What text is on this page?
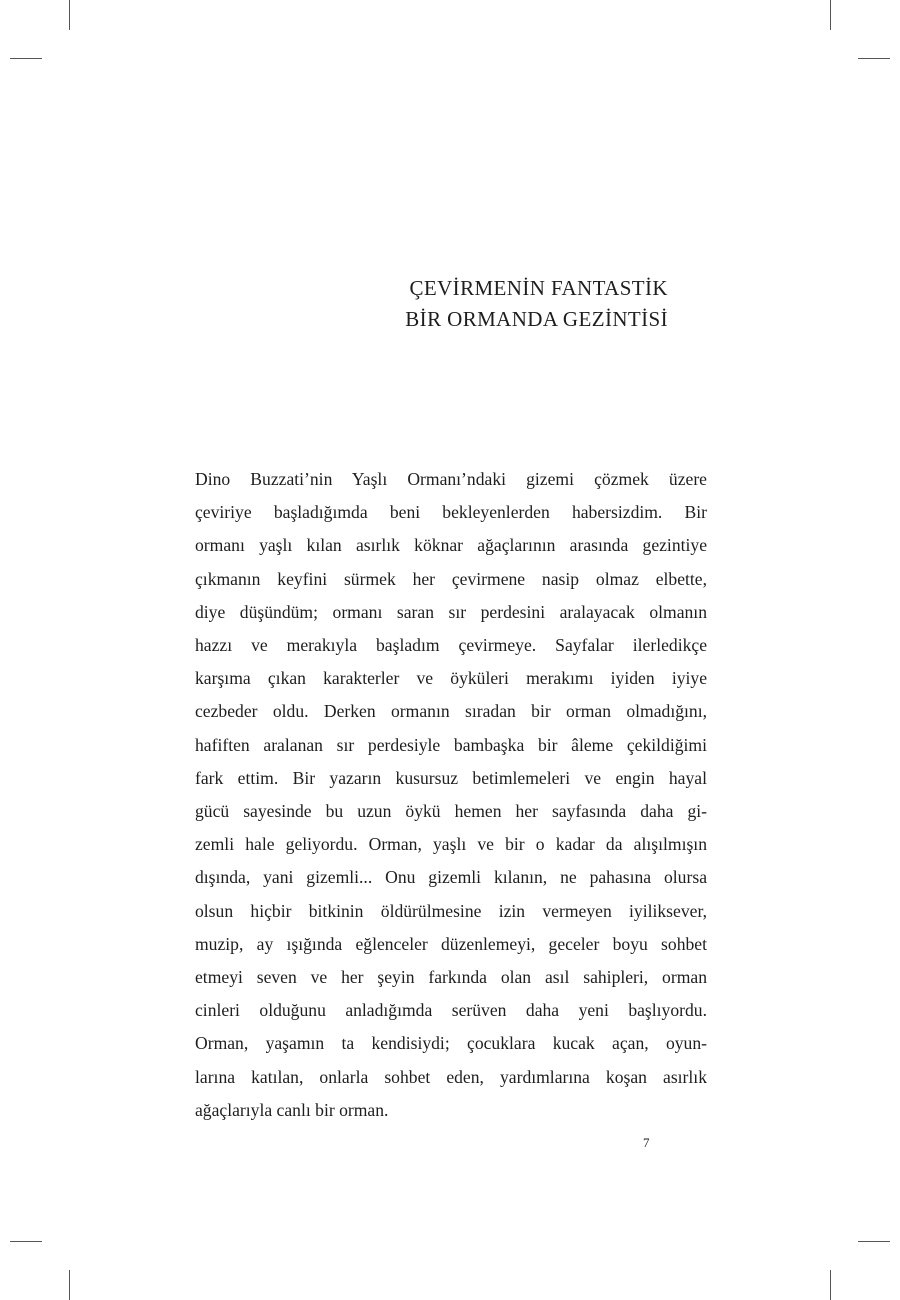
ÇEVİRMENİN FANTASTİK
BİR ORMANDA GEZİNTİSİ
Dino Buzzati’nin Yaşlı Ormanı’ndaki gizemi çözmek üzere
çeviriye başladığımda beni bekleyenlerden habersizdim. Bir
ormanı yaşlı kılan asırlık köknar ağaçlarının arasında gezintiye
çıkmanın keyfini sürmek her çevirmene nasip olmaz elbette,
diye düşündüm; ormanı saran sır perdesini aralayacak olmanın
hazzı ve merakıyla başladım çevirmeye. Sayfalar ilerledikçe
karşıma çıkan karakterler ve öyküleri merakımı iyiden iyiye
cezbeder oldu. Derken ormanın sıradan bir orman olmadığını,
hafiften aralanan sır perdesiyle bambaşka bir âleme çekildiğimi
fark ettim. Bir yazarın kusursuz betimlemeleri ve engin hayal
gücü sayesinde bu uzun öykü hemen her sayfasında daha gi-
zemli hale geliyordu. Orman, yaşlı ve bir o kadar da alışılmışın
dışında, yani gizemli... Onu gizemli kılanın, ne pahasına olursa
olsun hiçbir bitkinin öldürülmesine izin vermeyen iyiliksever,
muzip, ay ışığında eğlenceler düzenlemeyi, geceler boyu sohbet
etmeyi seven ve her şeyin farkında olan asıl sahipleri, orman
cinleri olduğunu anladığımda serüven daha yeni başlıyordu.
Orman, yaşamın ta kendisiydi; çocuklara kucak açan, oyun-
larına katılan, onlarla sohbet eden, yardımlarına koşan asırlık
ağaçlarıyla canlı bir orman.
7
